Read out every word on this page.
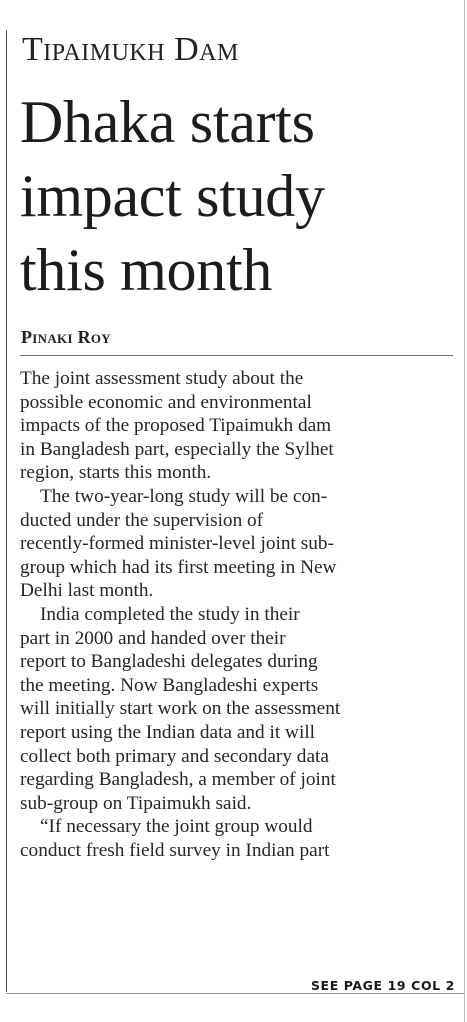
Tipaimukh Dam
Dhaka starts
impact study
this month
Pinaki Roy
The joint assessment study about the
possible economic and environmental
impacts of the proposed Tipaimukh dam
in Bangladesh part, especially the Sylhet
region, starts this month.
The two-year-long study will be con-
ducted under the supervision of
recently-formed minister-level joint sub-
group which had its first meeting in New
Delhi last month.
India completed the study in their
part in 2000 and handed over their
report to Bangladeshi delegates during
the meeting. Now Bangladeshi experts
will initially start work on the assessment
report using the Indian data and it will
collect both primary and secondary data
regarding Bangladesh, a member of joint
sub-group on Tipaimukh said.
“If necessary the joint group would
conduct fresh field survey in Indian part
SEE PAGE 19 COL 2
